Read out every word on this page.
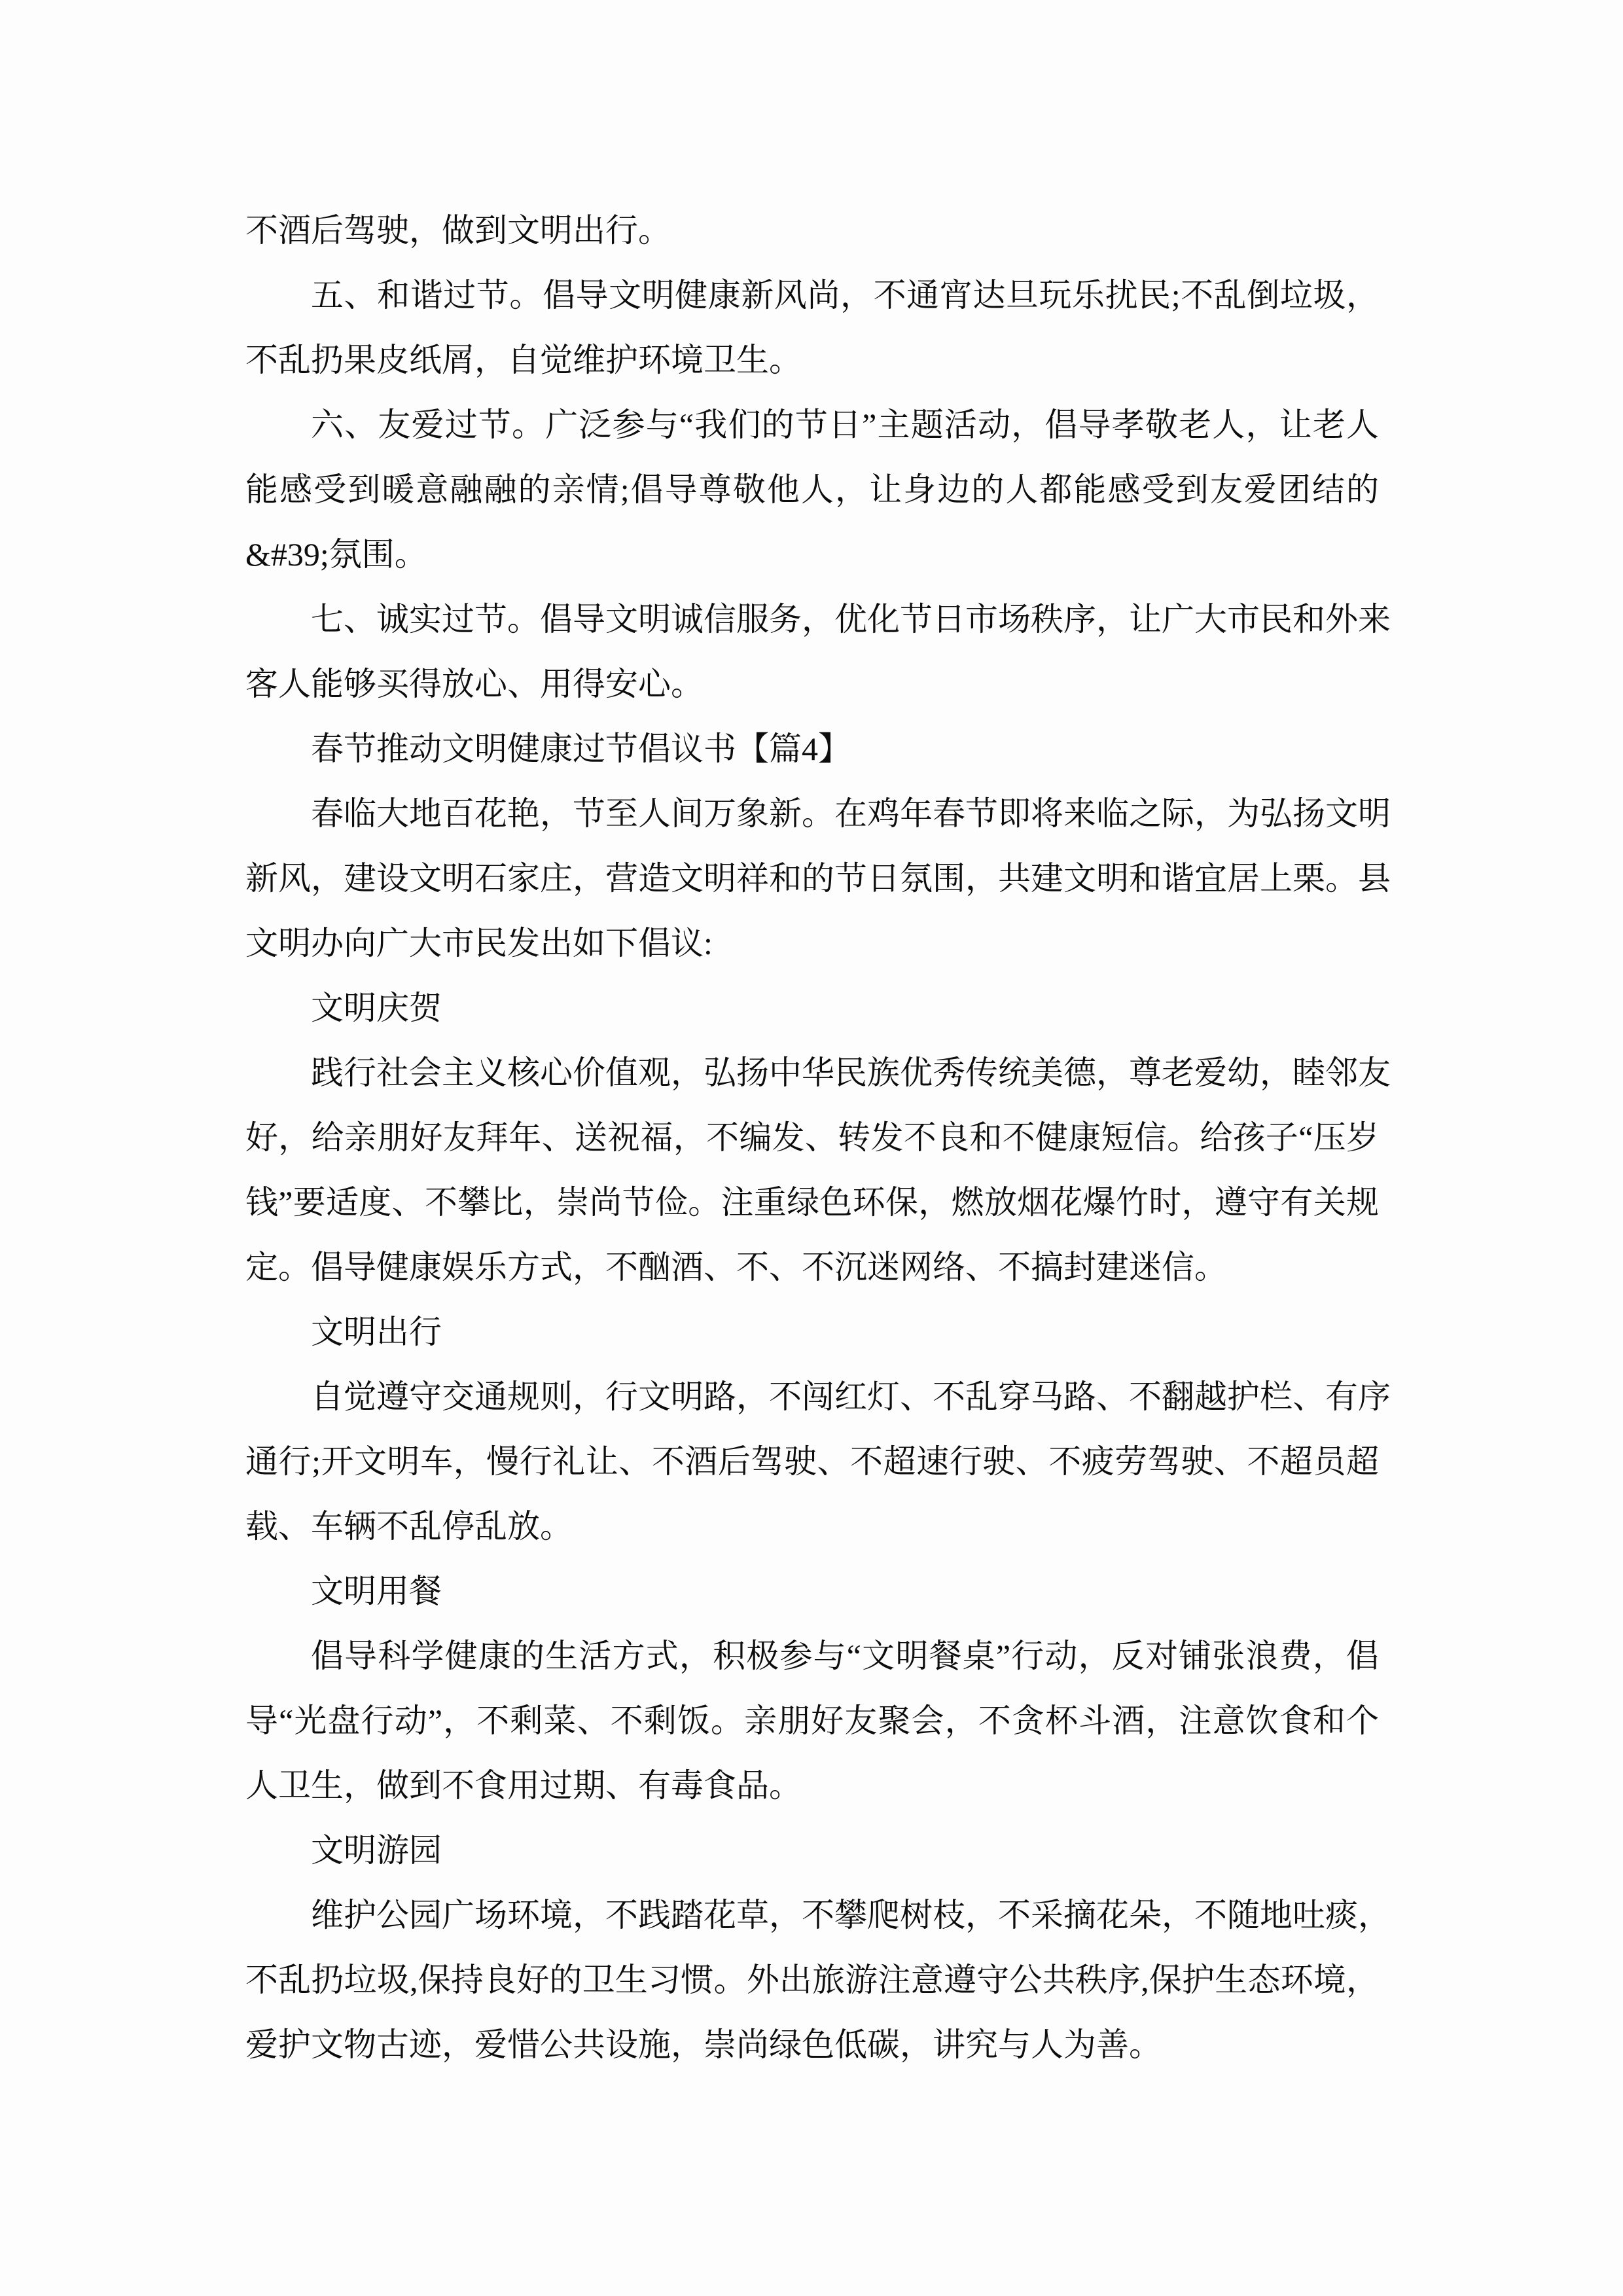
不酒后驾驶，做到文明出行。
五、和谐过节。倡导文明健康新风尚，不通宵达旦玩乐扰民;不乱倒垃圾，
不乱扔果皮纸屑，自觉维护环境卫生。
六、友爱过节。广泛参与“我们的节日”主题活动，倡导孝敬老人，让老人
能感受到暖意融融的亲情;倡导尊敬他人，让身边的人都能感受到友爱团结的
&#39;氛围。
七、诚实过节。倡导文明诚信服务，优化节日市场秩序，让广大市民和外来
客人能够买得放心、用得安心。
春节推动文明健康过节倡议书【篇4】
春临大地百花艳，节至人间万象新。在鸡年春节即将来临之际，为弘扬文明
新风，建设文明石家庄，营造文明祥和的节日氛围，共建文明和谐宜居上栗。县
文明办向广大市民发出如下倡议:
文明庆贺
践行社会主义核心价值观，弘扬中华民族优秀传统美德，尊老爱幼，睦邻友
好，给亲朋好友拜年、送祝福，不编发、转发不良和不健康短信。给孩子“压岁
钱”要适度、不攀比，崇尚节俭。注重绿色环保，燃放烟花爆竹时，遵守有关规
定。倡导健康娱乐方式，不酗酒、不、不沉迷网络、不搞封建迷信。
文明出行
自觉遵守交通规则，行文明路，不闯红灯、不乱穿马路、不翻越护栏、有序
通行;开文明车，慢行礼让、不酒后驾驶、不超速行驶、不疲劳驾驶、不超员超
载、车辆不乱停乱放。
文明用餐
倡导科学健康的生活方式，积极参与“文明餐桌”行动，反对铺张浪费，倡
导“光盘行动”，不剩菜、不剩饭。亲朋好友聚会，不贪杯斗酒，注意饮食和个
人卫生，做到不食用过期、有毒食品。
文明游园
维护公园广场环境，不践踏花草，不攀爬树枝，不采摘花朵，不随地吐痰，
不乱扔垃圾,保持良好的卫生习惯。外出旅游注意遵守公共秩序,保护生态环境，
爱护文物古迹，爱惜公共设施，崇尚绿色低碳，讲究与人为善。
